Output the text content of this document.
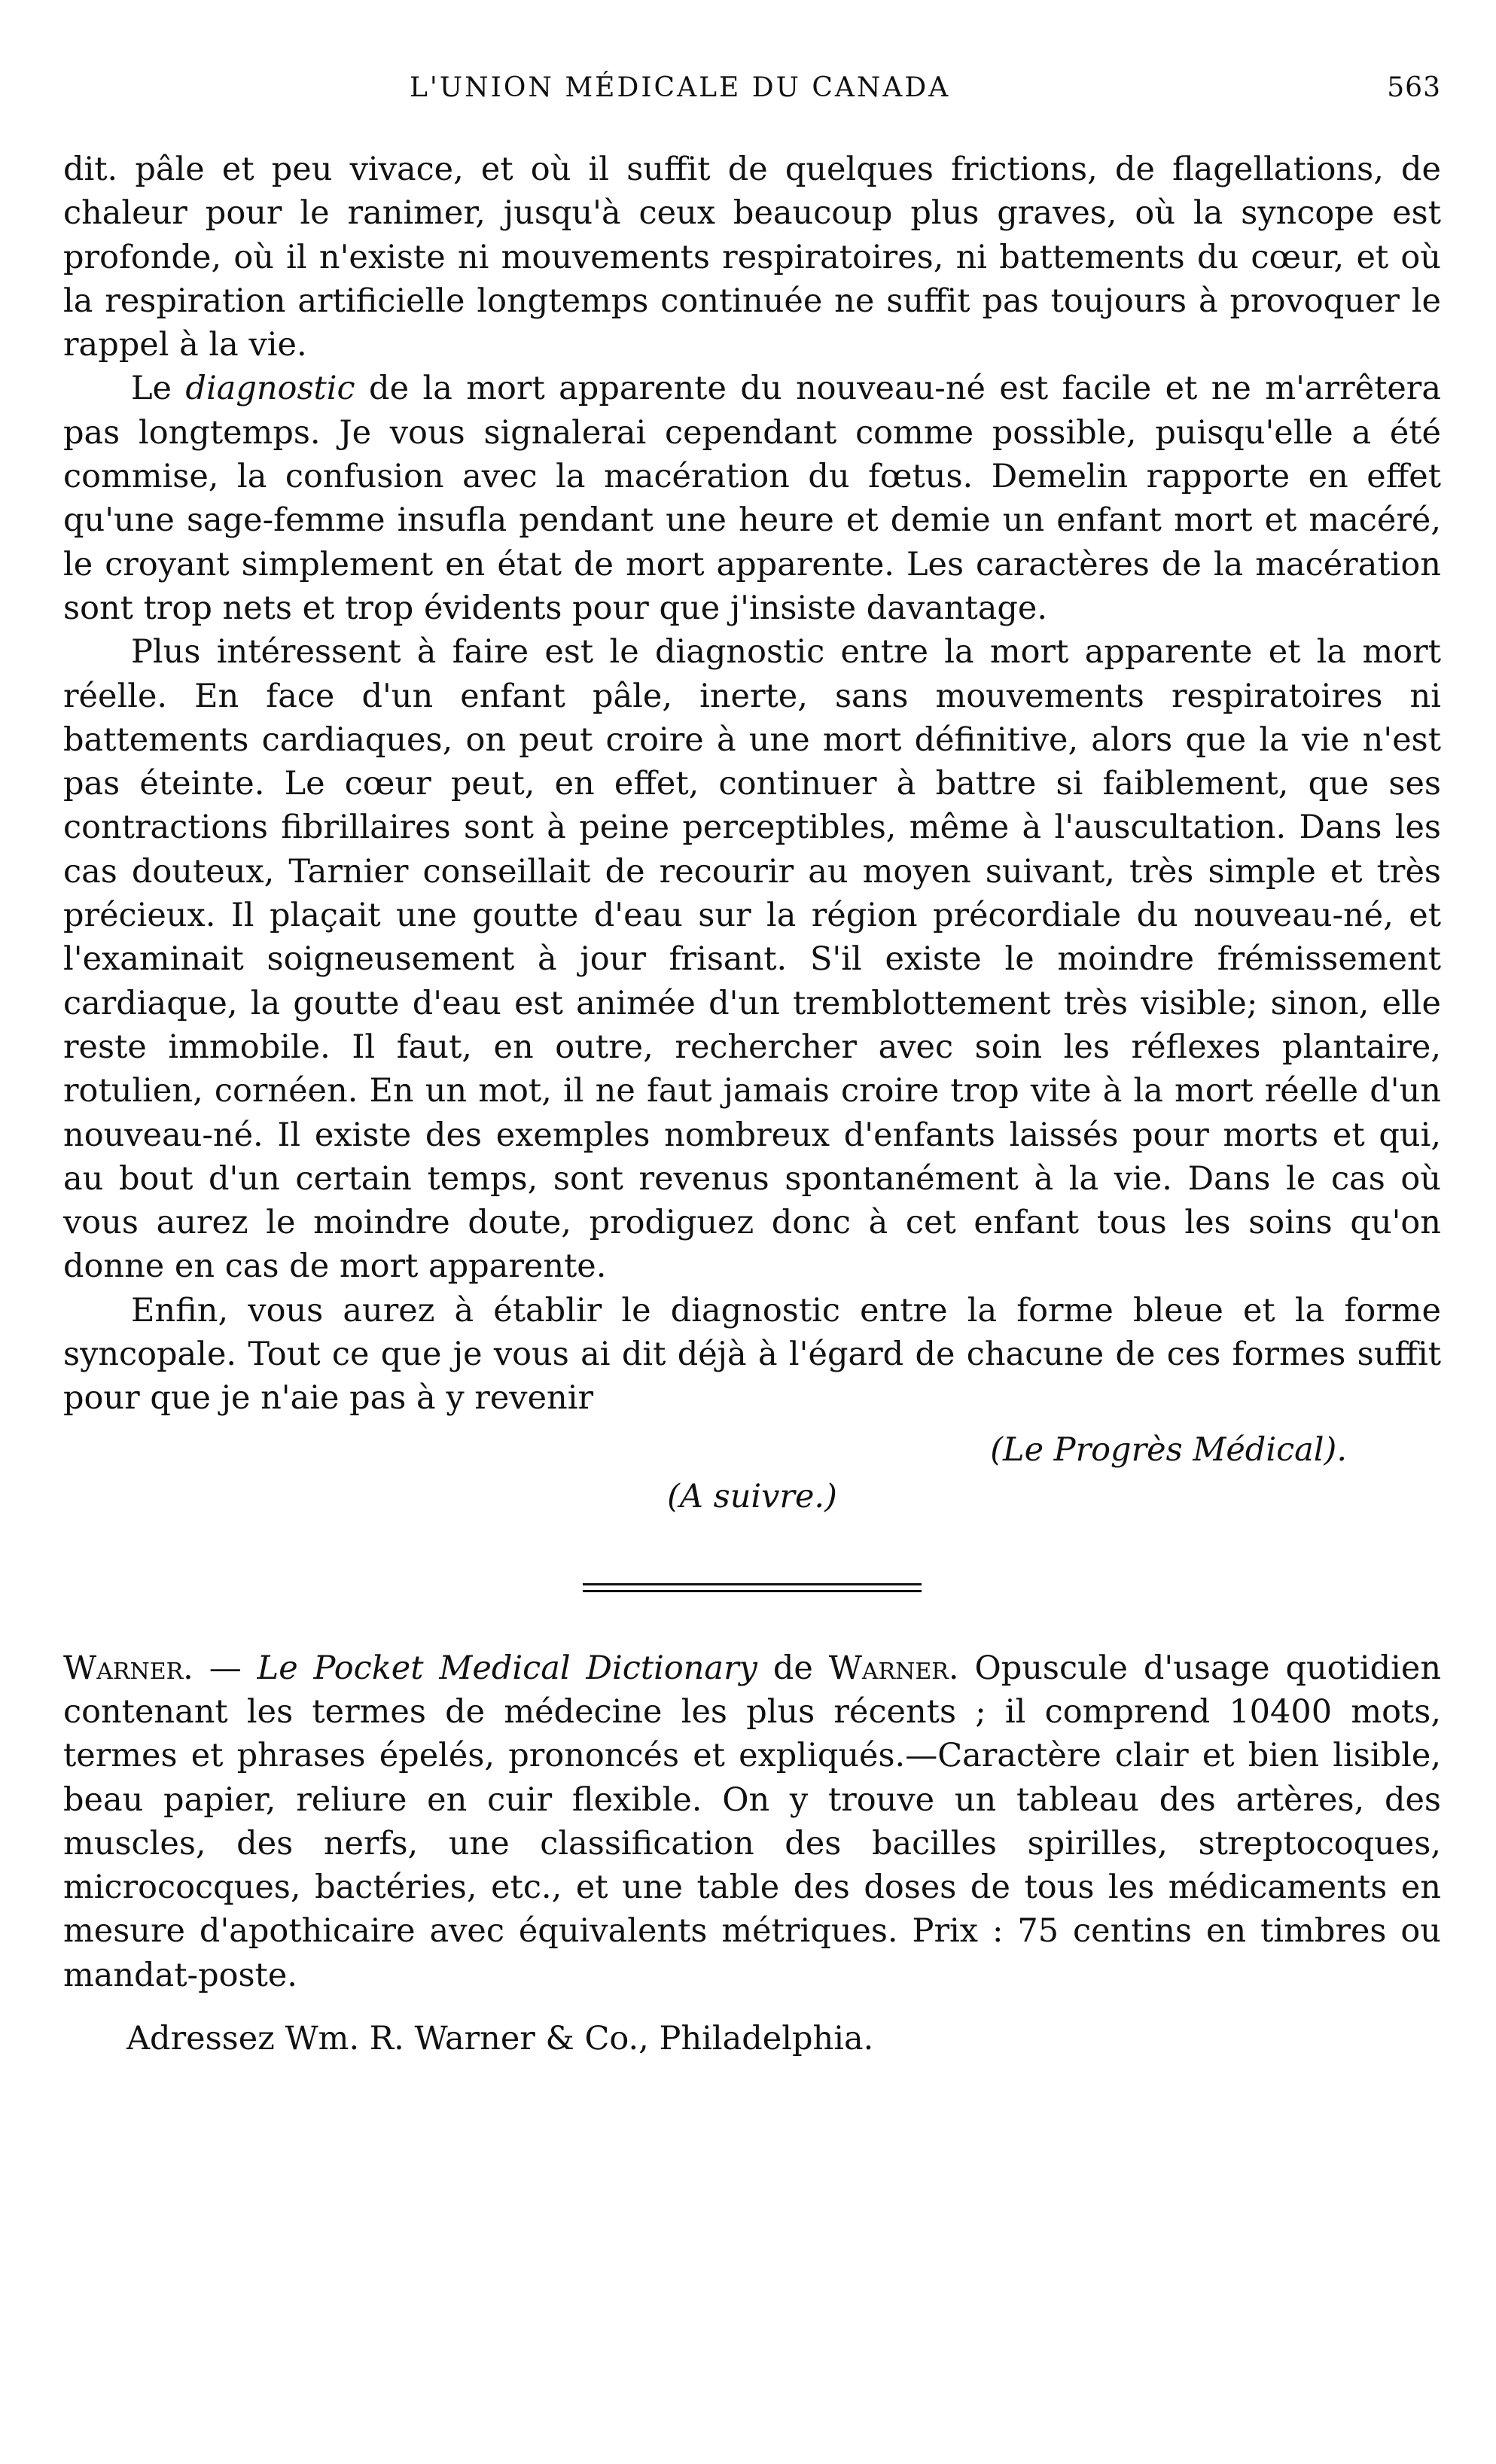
L'UNION MÉDICALE DU CANADA	563

dit. pâle et peu vivace, et où il suffit de quelques frictions, de flagellations, de chaleur pour le ranimer, jusqu'à ceux beaucoup plus graves, où la syncope est profonde, où il n'existe ni mouvements respiratoires, ni battements du cœur, et où la respiration artificielle longtemps continuée ne suffit pas toujours à provoquer le rappel à la vie.

Le diagnostic de la mort apparente du nouveau-né est facile et ne m'arrêtera pas longtemps. Je vous signalerai cependant comme possible, puisqu'elle a été commise, la confusion avec la macération du fœtus. Demelin rapporte en effet qu'une sage-femme insufla pendant une heure et demie un enfant mort et macéré, le croyant simplement en état de mort apparente. Les caractères de la macération sont trop nets et trop évidents pour que j'insiste davantage.

Plus intéressent à faire est le diagnostic entre la mort apparente et la mort réelle. En face d'un enfant pâle, inerte, sans mouvements respiratoires ni battements cardiaques, on peut croire à une mort définitive, alors que la vie n'est pas éteinte. Le cœur peut, en effet, continuer à battre si faiblement, que ses contractions fibrillaires sont à peine perceptibles, même à l'auscultation. Dans les cas douteux, Tarnier conseillait de recourir au moyen suivant, très simple et très précieux. Il plaçait une goutte d'eau sur la région précordiale du nouveau-né, et l'examinait soigneusement à jour frisant. S'il existe le moindre frémissement cardiaque, la goutte d'eau est animée d'un tremblottement très visible; sinon, elle reste immobile. Il faut, en outre, rechercher avec soin les réflexes plantaire, rotulien, cornéen. En un mot, il ne faut jamais croire trop vite à la mort réelle d'un nouveau-né. Il existe des exemples nombreux d'enfants laissés pour morts et qui, au bout d'un certain temps, sont revenus spontanément à la vie. Dans le cas où vous aurez le moindre doute, prodiguez donc à cet enfant tous les soins qu'on donne en cas de mort apparente.

Enfin, vous aurez à établir le diagnostic entre la forme bleue et la forme syncopale. Tout ce que je vous ai dit déjà à l'égard de chacune de ces formes suffit pour que je n'aie pas à y revenir

(Le Progrès Médical).
(A suivre.)

Warner. — Le Pocket Medical Dictionary de Warner. Opuscule d'usage quotidien contenant les termes de médecine les plus récents ; il comprend 10400 mots, termes et phrases épelés, prononcés et expliqués.—Caractère clair et bien lisible, beau papier, reliure en cuir flexible. On y trouve un tableau des artères, des muscles, des nerfs, une classification des bacilles spirilles, streptocoques, micrococques, bactéries, etc., et une table des doses de tous les médicaments en mesure d'apothicaire avec équivalents métriques. Prix : 75 centins en timbres ou mandat-poste.

Adressez Wm. R. Warner & Co., Philadelphia.
